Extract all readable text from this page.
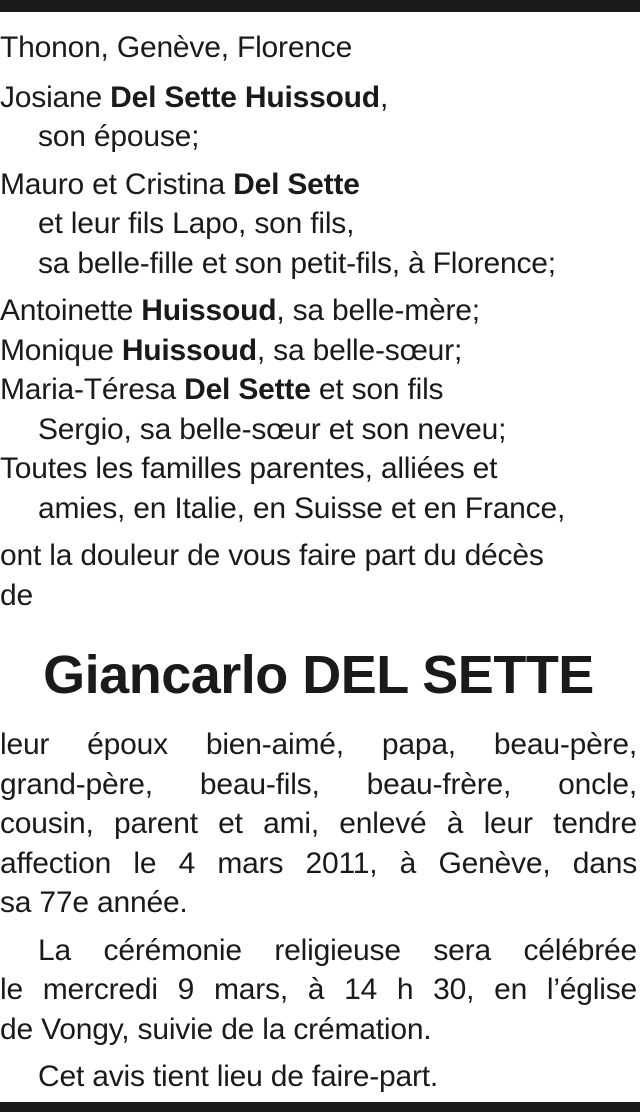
Thonon, Genève, Florence
Josiane Del Sette Huissoud,
son épouse;
Mauro et Cristina Del Sette
et leur fils Lapo, son fils,
sa belle-fille et son petit-fils, à Florence;
Antoinette Huissoud, sa belle-mère;
Monique Huissoud, sa belle-sœur;
Maria-Téresa Del Sette et son fils
Sergio, sa belle-sœur et son neveu;
Toutes les familles parentes, alliées et
amies, en Italie, en Suisse et en France,
ont la douleur de vous faire part du décès
de
Giancarlo DEL SETTE
leur époux bien-aimé, papa, beau-père,
grand-père, beau-fils, beau-frère, oncle,
cousin, parent et ami, enlevé à leur tendre
affection le 4 mars 2011, à Genève, dans
sa 77e année.
La cérémonie religieuse sera célébrée
le mercredi 9 mars, à 14 h 30, en l’église
de Vongy, suivie de la crémation.
Cet avis tient lieu de faire-part.
